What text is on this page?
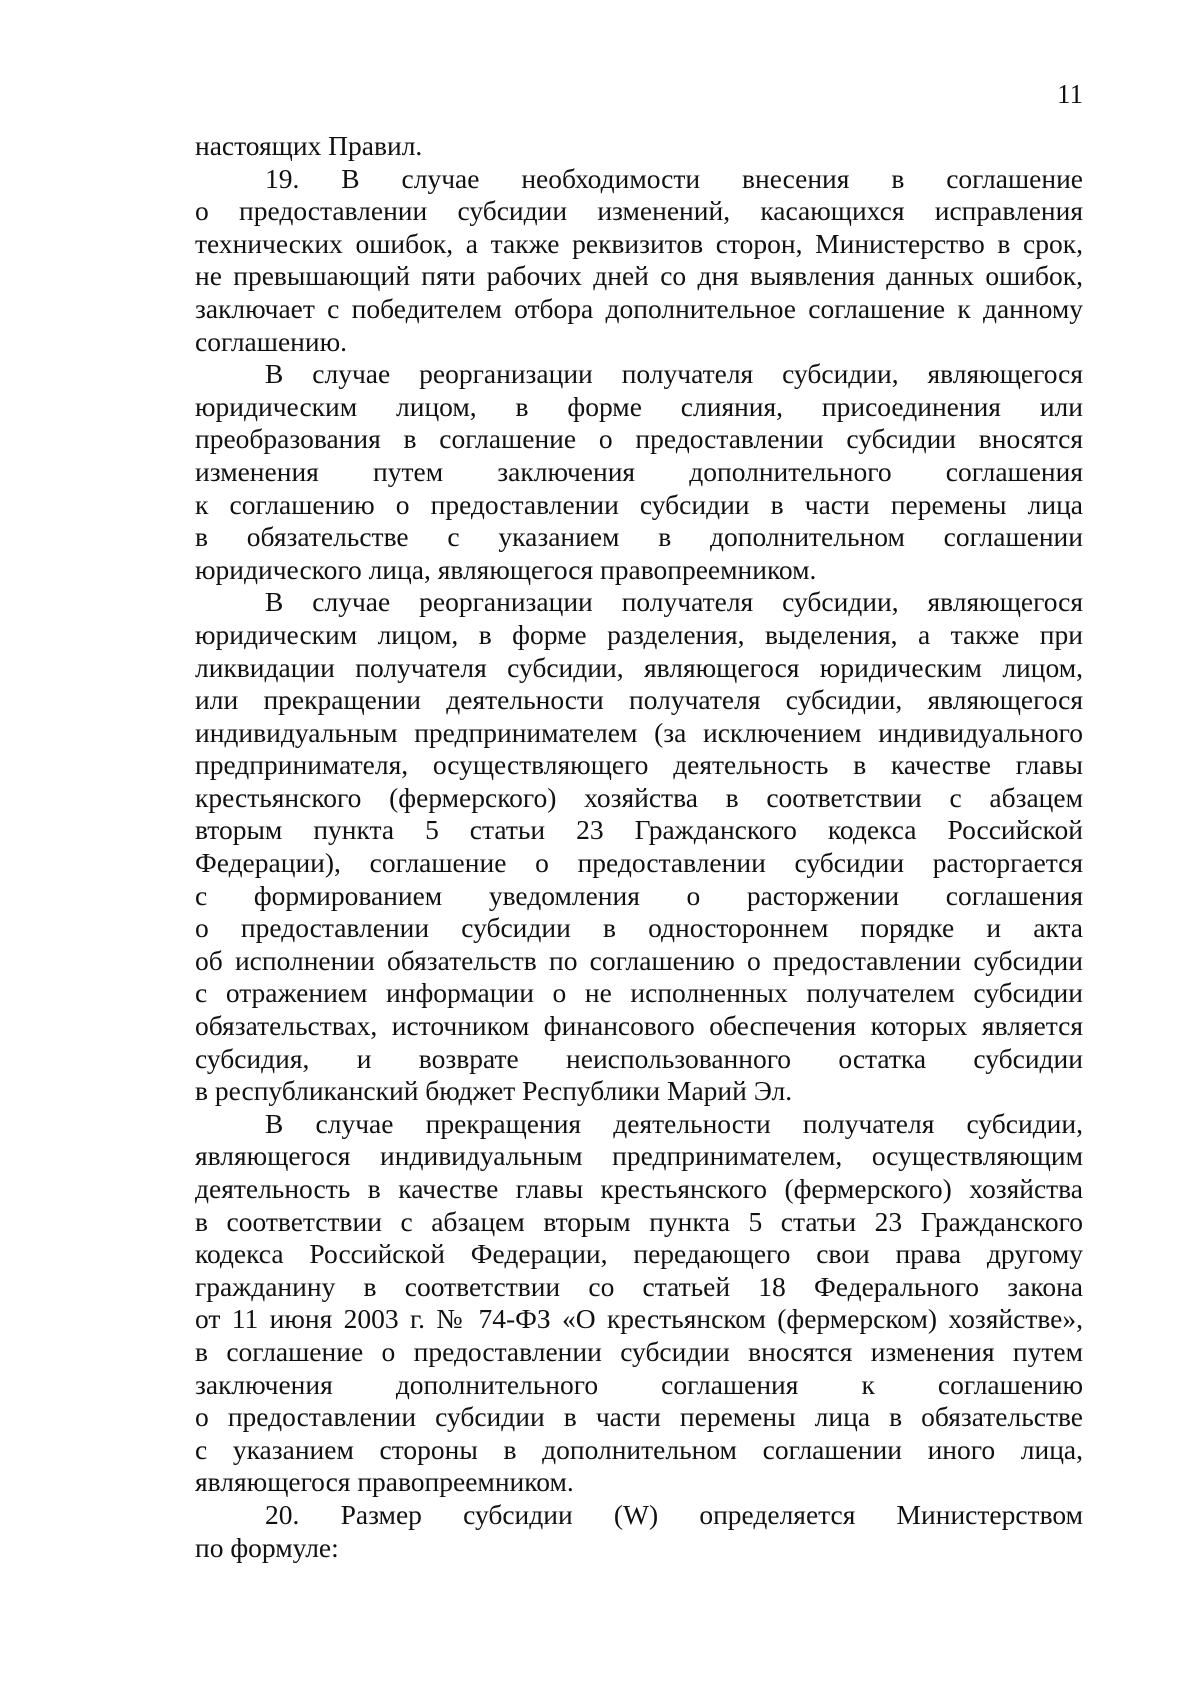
11
настоящих Правил.
19. В случае необходимости внесения в соглашение
о предоставлении субсидии изменений, касающихся исправления
технических ошибок, а также реквизитов сторон, Министерство в срок,
не превышающий пяти рабочих дней со дня выявления данных ошибок,
заключает с победителем отбора дополнительное соглашение к данному
соглашению.
В случае реорганизации получателя субсидии, являющегося
юридическим лицом, в форме слияния, присоединения или
преобразования в соглашение о предоставлении субсидии вносятся
изменения путем заключения дополнительного соглашения
к соглашению о предоставлении субсидии в части перемены лица
в обязательстве с указанием в дополнительном соглашении
юридического лица, являющегося правопреемником.
В случае реорганизации получателя субсидии, являющегося
юридическим лицом, в форме разделения, выделения, а также при
ликвидации получателя субсидии, являющегося юридическим лицом,
или прекращении деятельности получателя субсидии, являющегося
индивидуальным предпринимателем (за исключением индивидуального
предпринимателя, осуществляющего деятельность в качестве главы
крестьянского (фермерского) хозяйства в соответствии с абзацем
вторым пункта 5 статьи 23 Гражданского кодекса Российской
Федерации), соглашение о предоставлении субсидии расторгается
с формированием уведомления о расторжении соглашения
о предоставлении субсидии в одностороннем порядке и акта
об исполнении обязательств по соглашению о предоставлении субсидии
с отражением информации о не исполненных получателем субсидии
обязательствах, источником финансового обеспечения которых является
субсидия, и возврате неиспользованного остатка субсидии
в республиканский бюджет Республики Марий Эл.
В случае прекращения деятельности получателя субсидии,
являющегося индивидуальным предпринимателем, осуществляющим
деятельность в качестве главы крестьянского (фермерского) хозяйства
в соответствии с абзацем вторым пункта 5 статьи 23 Гражданского
кодекса Российской Федерации, передающего свои права другому
гражданину в соответствии со статьей 18 Федерального закона
от 11 июня 2003 г. № 74-ФЗ «О крестьянском (фермерском) хозяйстве»,
в соглашение о предоставлении субсидии вносятся изменения путем
заключения дополнительного соглашения к соглашению
о предоставлении субсидии в части перемены лица в обязательстве
с указанием стороны в дополнительном соглашении иного лица,
являющегося правопреемником.
20. Размер субсидии (W) определяется Министерством
по формуле:
